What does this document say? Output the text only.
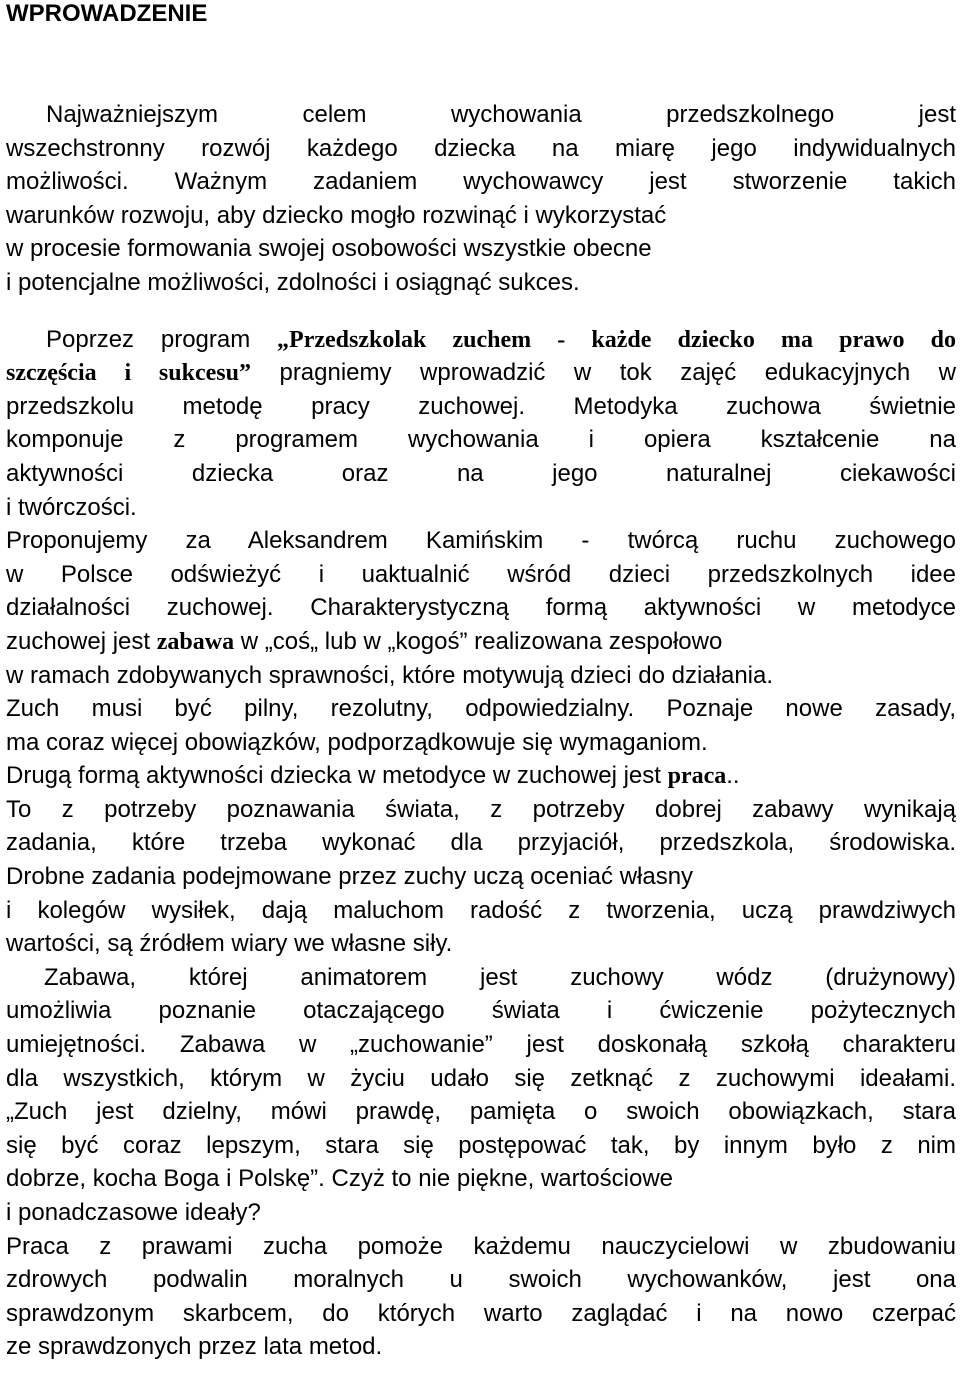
WPROWADZENIE
Najważniejszym celem wychowania przedszkolnego jest
wszechstronny rozwój każdego dziecka na miarę jego indywidualnych
możliwości. Ważnym zadaniem wychowawcy jest stworzenie takich
warunków rozwoju, aby dziecko mogło rozwinąć i wykorzystać
w procesie formowania swojej osobowości wszystkie obecne
i potencjalne możliwości, zdolności i osiągnąć sukces.
Poprzez program „Przedszkolak zuchem - każde dziecko ma prawo do
szczęścia i sukcesu” pragniemy wprowadzić w tok zajęć edukacyjnych w
przedszkolu metodę pracy zuchowej. Metodyka zuchowa świetnie
komponuje z programem wychowania i opiera kształcenie na
aktywności dziecka oraz na jego naturalnej ciekawości
i twórczości.
Proponujemy za Aleksandrem Kamińskim - twórcą ruchu zuchowego
w Polsce odświeżyć i uaktualnić wśród dzieci przedszkolnych idee
działalności zuchowej. Charakterystyczną formą aktywności w metodyce
zuchowej jest zabawa w „coś„ lub w „kogoś” realizowana zespołowo
w ramach zdobywanych sprawności, które motywują dzieci do działania.
Zuch musi być pilny, rezolutny, odpowiedzialny. Poznaje nowe zasady,
ma coraz więcej obowiązków, podporządkowuje się wymaganiom.
Drugą formą aktywności dziecka w metodyce w zuchowej jest praca..
To z potrzeby poznawania świata, z potrzeby dobrej zabawy wynikają
zadania, które trzeba wykonać dla przyjaciół, przedszkola, środowiska.
Drobne zadania podejmowane przez zuchy uczą oceniać własny
i kolegów wysiłek, dają maluchom radość z tworzenia, uczą prawdziwych
wartości, są źródłem wiary we własne siły.
Zabawa, której animatorem jest zuchowy wódz (drużynowy)
umożliwia poznanie otaczającego świata i ćwiczenie pożytecznych
umiejętności. Zabawa w „zuchowanie” jest doskonałą szkołą charakteru
dla wszystkich, którym w życiu udało się zetknąć z zuchowymi ideałami.
„Zuch jest dzielny, mówi prawdę, pamięta o swoich obowiązkach, stara
się być coraz lepszym, stara się postępować tak, by innym było z nim
dobrze, kocha Boga i Polskę”. Czyż to nie piękne, wartościowe
i ponadczasowe ideały?
Praca z prawami zucha pomoże każdemu nauczycielowi w zbudowaniu
zdrowych podwalin moralnych u swoich wychowanków, jest ona
sprawdzonym skarbcem, do których warto zaglądać i na nowo czerpać
ze sprawdzonych przez lata metod.
